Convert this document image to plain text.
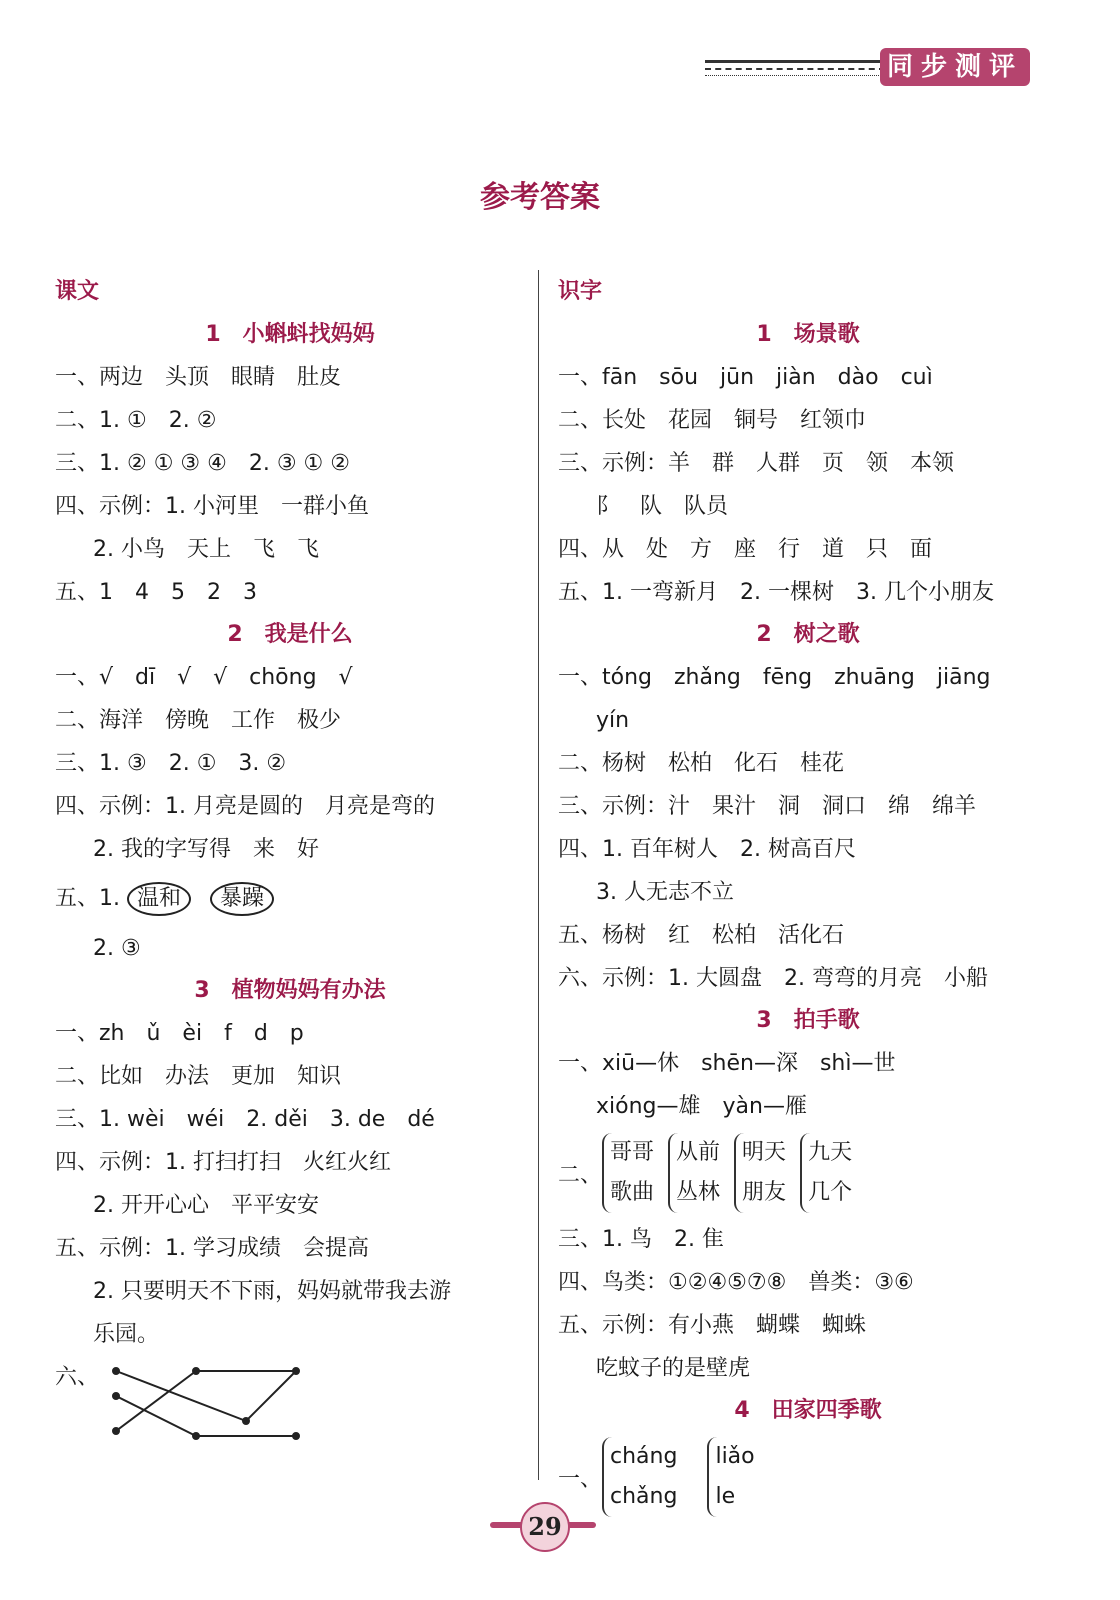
同步测评
参考答案
课文
1　小蝌蚪找妈妈
一、两边　头顶　眼睛　肚皮
二、1. ①　2. ②
三、1. ② ① ③ ④　2. ③ ① ②
四、示例：1. 小河里　一群小鱼
2. 小鸟　天上　飞　飞
五、1　4　5　2　3
2　我是什么
一、√　dī　√　√　chōng　√
二、海洋　傍晚　工作　极少
三、1. ③　2. ①　3. ②
四、示例：1. 月亮是圆的　月亮是弯的
2. 我的字写得　来　好
五、1. 温和 暴躁
2. ③
3　植物妈妈有办法
一、zh　ǔ　èi　f　d　p
二、比如　办法　更加　知识
三、1. wèi　wéi　2. děi　3. de　dé
四、示例：1. 打扫打扫　火红火红
2. 开开心心　平平安安
五、示例：1. 学习成绩　会提高
2. 只要明天不下雨，妈妈就带我去游
乐园。
六、
识字
1　场景歌
一、fān　sōu　jūn　jiàn　dào　cuì
二、长处　花园　铜号　红领巾
三、示例：羊　群　人群　页　领　本领
阝　队　队员
四、从　处　方　座　行　道　只　面
五、1. 一弯新月　2. 一棵树　3. 几个小朋友
2　树之歌
一、tóng　zhǎng　fēng　zhuāng　jiāng
yín
二、杨树　松柏　化石　桂花
三、示例：汁　果汁　洞　洞口　绵　绵羊
四、1. 百年树人　2. 树高百尺
3. 人无志不立
五、杨树　红　松柏　活化石
六、示例：1. 大圆盘　2. 弯弯的月亮　小船
3　拍手歌
一、xiū—休　shēn—深　shì—世
xióng—雄　yàn—雁
二、
哥哥
歌曲
从前
丛林
明天
朋友
九天
几个
三、1. 鸟　2. 隹
四、鸟类：①②④⑤⑦⑧　兽类：③⑥
五、示例：有小燕　蝴蝶　蜘蛛
吃蚊子的是壁虎
4　田家四季歌
一、
cháng
chǎng
liǎo
le
29
